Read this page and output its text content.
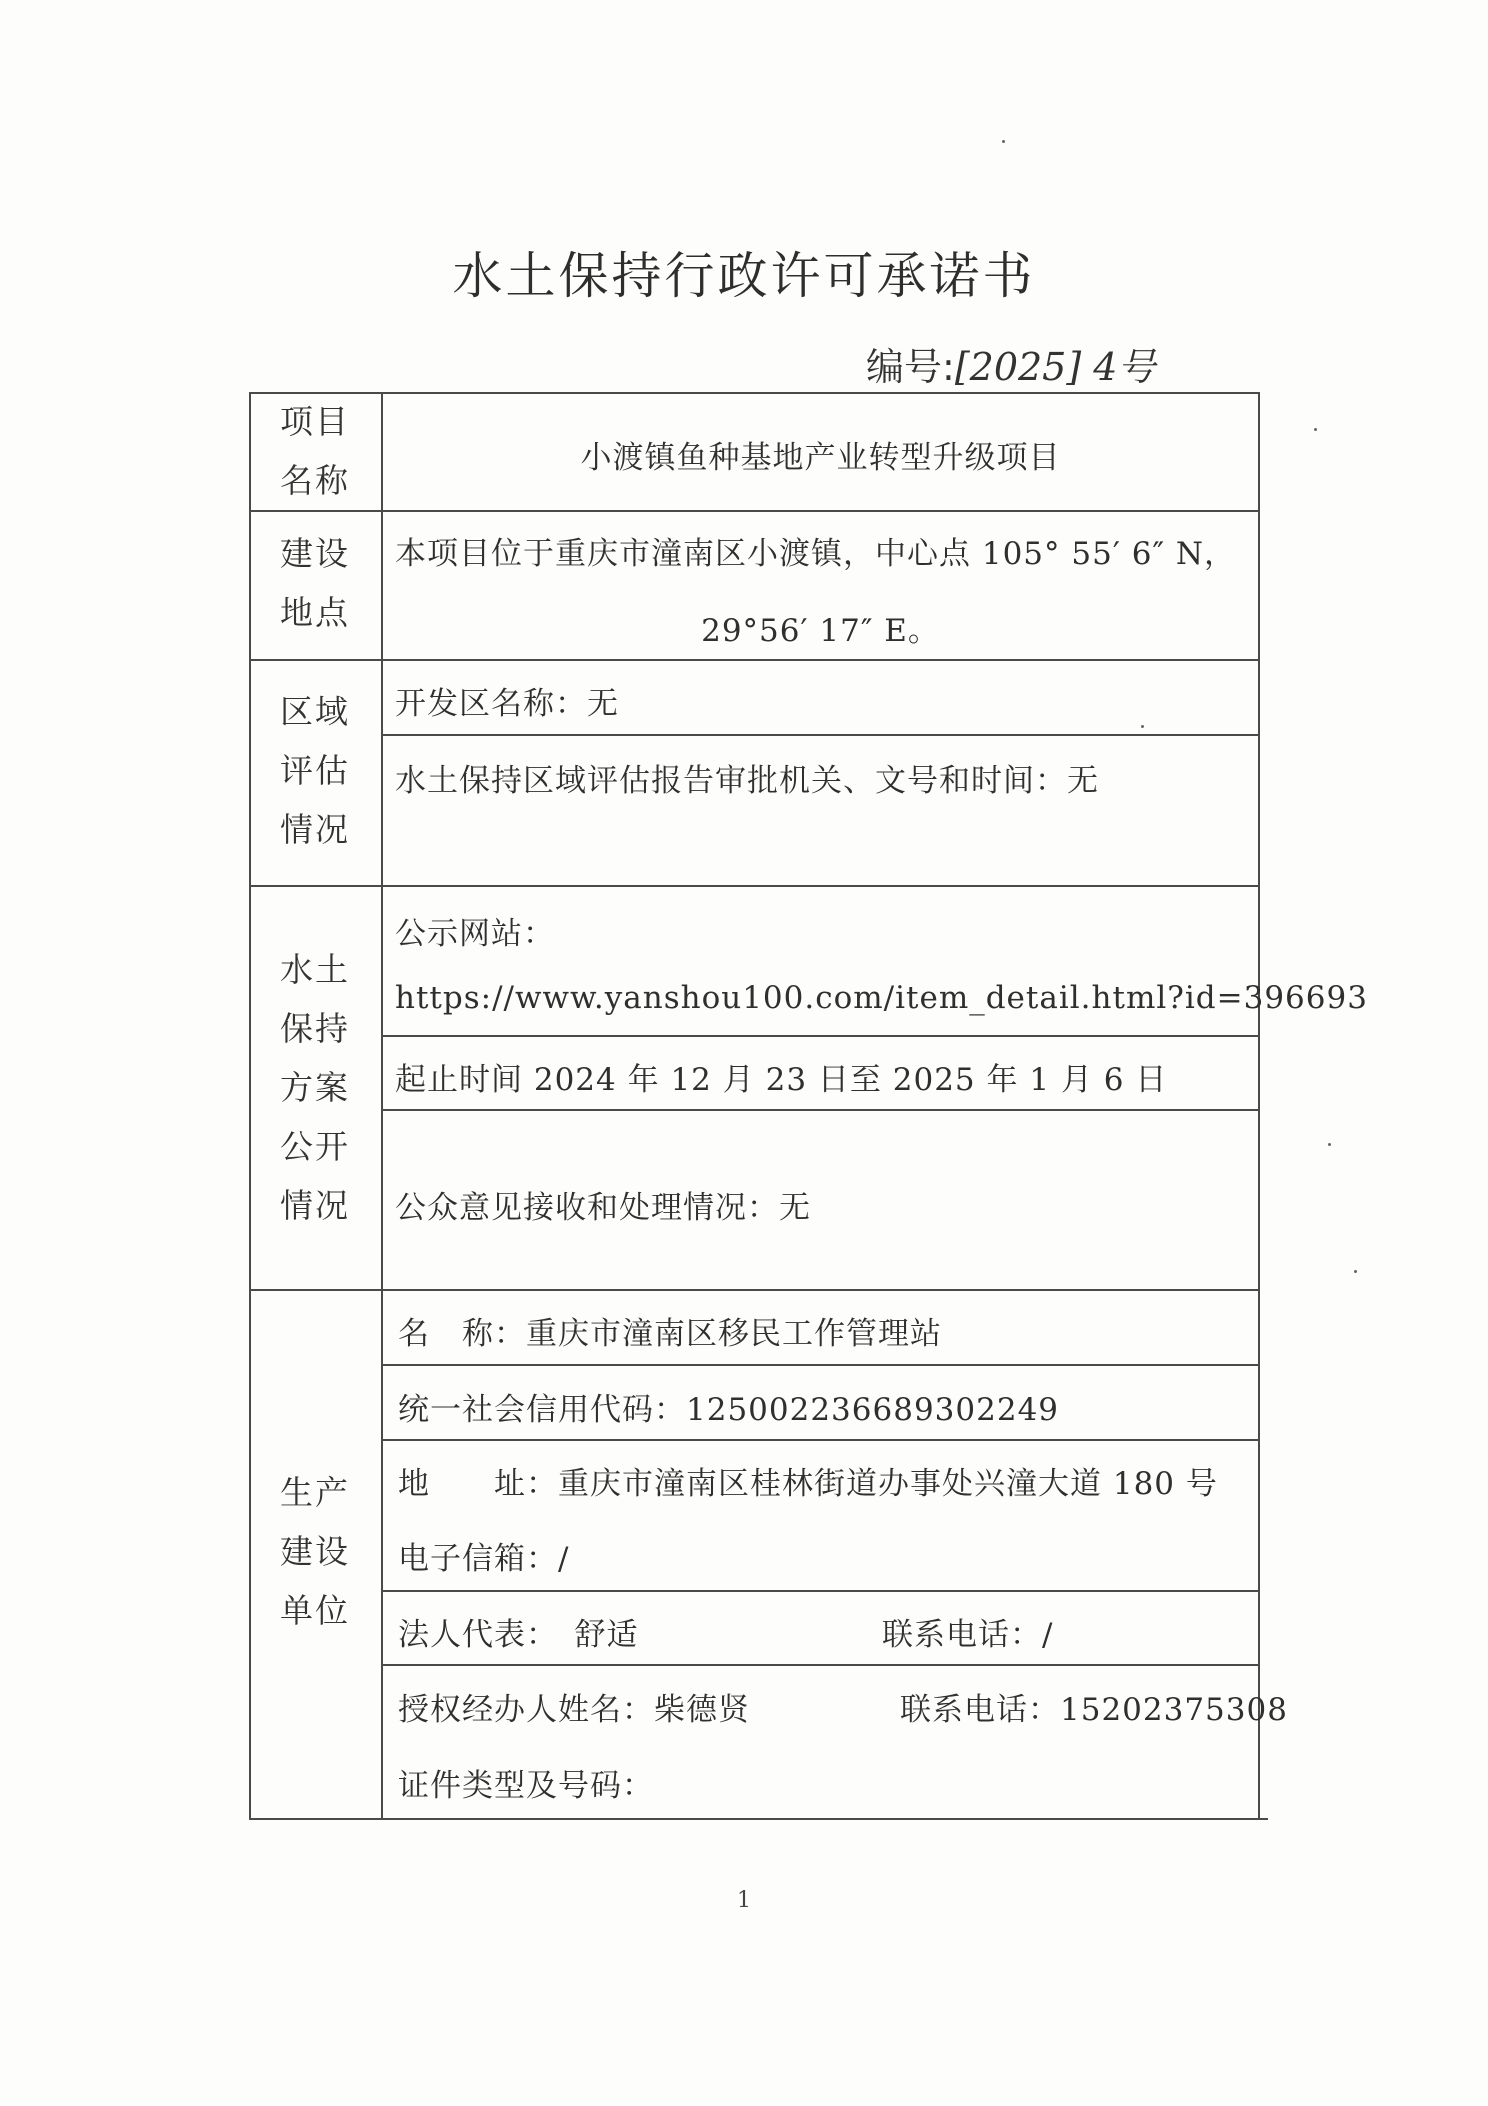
水土保持行政许可承诺书
编号:[2025] 4号
项目名称
建设地点
区域评估情况
水土保持方案公开情况
生产建设单位
小渡镇鱼种基地产业转型升级项目
本项目位于重庆市潼南区小渡镇，中心点 105° 55′ 6″ N，
29°56′ 17″ E。
开发区名称：无
水土保持区域评估报告审批机关、文号和时间：无
公示网站：
https://www.yanshou100.com/item_detail.html?id=396693
起止时间 2024 年 12 月 23 日至 2025 年 1 月 6 日
公众意见接收和处理情况：无
名　称：重庆市潼南区移民工作管理站
统一社会信用代码：125002236689302249
地　　址：重庆市潼南区桂林街道办事处兴潼大道 180 号
电子信箱：/
法人代表：　舒适	联系电话：/
授权经办人姓名：柴德贤	联系电话：15202375308
证件类型及号码：
1
